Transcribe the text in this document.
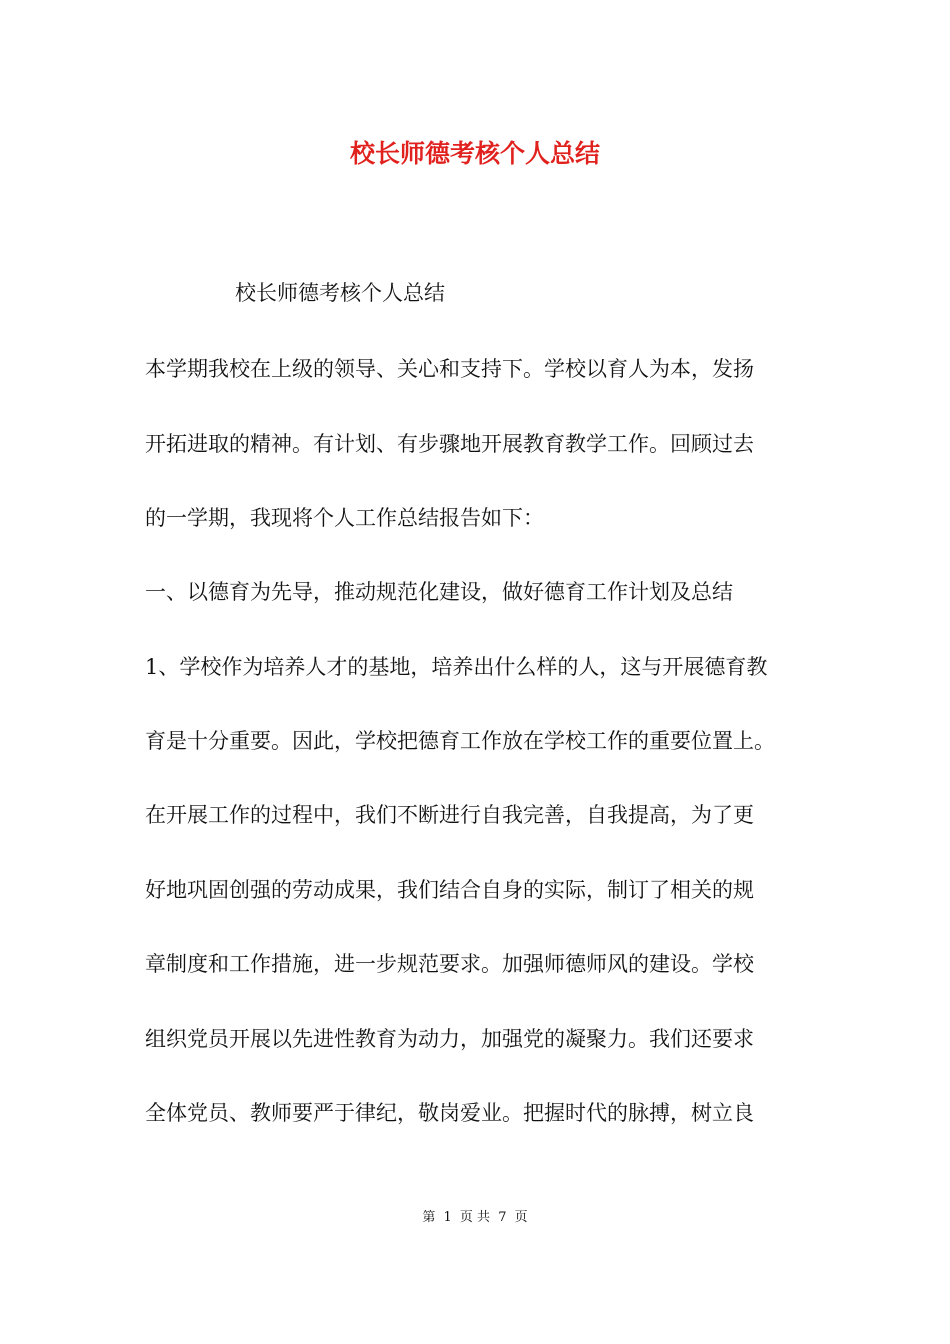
校长师德考核个人总结
校长师德考核个人总结
本学期我校在上级的领导、关心和支持下。学校以育人为本，发扬
开拓进取的精神。有计划、有步骤地开展教育教学工作。回顾过去
的一学期，我现将个人工作总结报告如下：
一、以德育为先导，推动规范化建设，做好德育工作计划及总结
1、学校作为培养人才的基地，培养出什么样的人，这与开展德育教
育是十分重要。因此，学校把德育工作放在学校工作的重要位置上。
在开展工作的过程中，我们不断进行自我完善，自我提高，为了更
好地巩固创强的劳动成果，我们结合自身的实际，制订了相关的规
章制度和工作措施，进一步规范要求。加强师德师风的建设。学校
组织党员开展以先进性教育为动力，加强党的凝聚力。我们还要求
全体党员、教师要严于律纪，敬岗爱业。把握时代的脉搏，树立良
第 1 页 共 7 页
